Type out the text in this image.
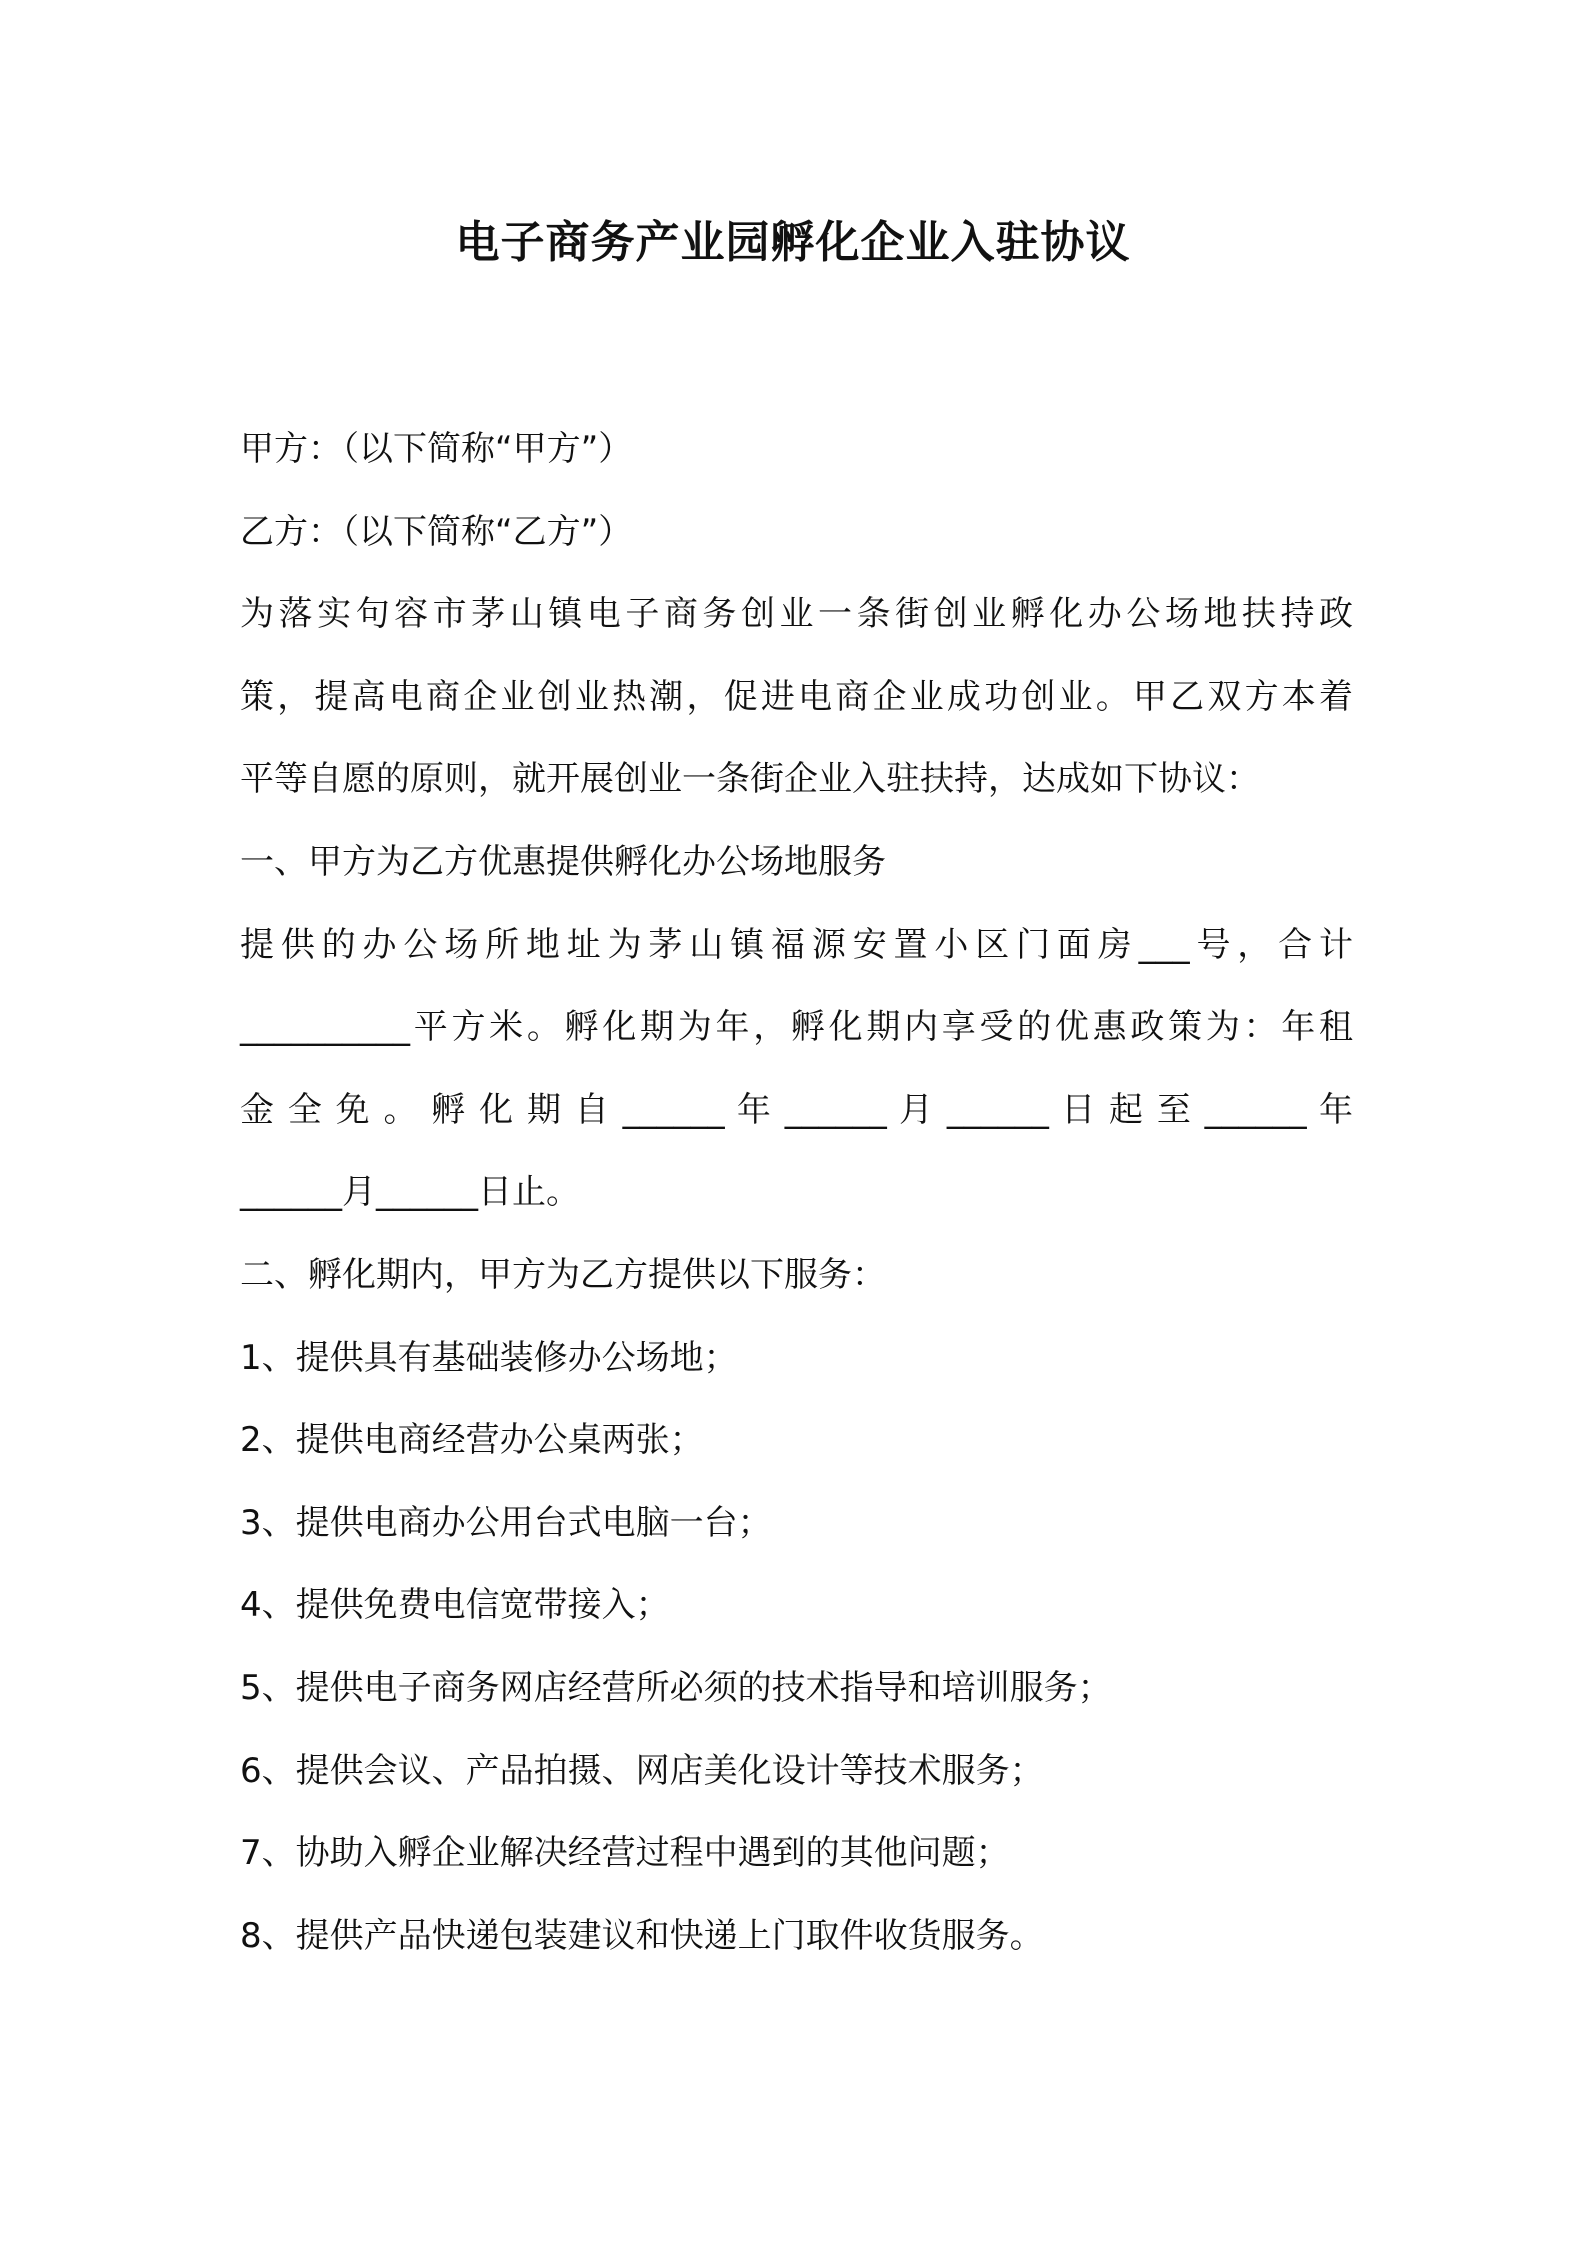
电子商务产业园孵化企业入驻协议
甲方：（以下简称“甲方”）
乙方：（以下简称“乙方”）
为落实句容市茅山镇电子商务创业一条街创业孵化办公场地扶持政
策，提高电商企业创业热潮，促进电商企业成功创业。甲乙双方本着
平等自愿的原则，就开展创业一条街企业入驻扶持，达成如下协议：
一、甲方为乙方优惠提供孵化办公场地服务
提供的办公场所地址为茅山镇福源安置小区门面房___号，合计
__________平方米。孵化期为年，孵化期内享受的优惠政策为：年租
金 全 免 。 孵 化 期 自 ______ 年 ______ 月 ______ 日 起 至 ______ 年
______月______日止。
二、孵化期内，甲方为乙方提供以下服务：
1、提供具有基础装修办公场地；
2、提供电商经营办公桌两张；
3、提供电商办公用台式电脑一台；
4、提供免费电信宽带接入；
5、提供电子商务网店经营所必须的技术指导和培训服务；
6、提供会议、产品拍摄、网店美化设计等技术服务；
7、协助入孵企业解决经营过程中遇到的其他问题；
8、提供产品快递包装建议和快递上门取件收货服务。
